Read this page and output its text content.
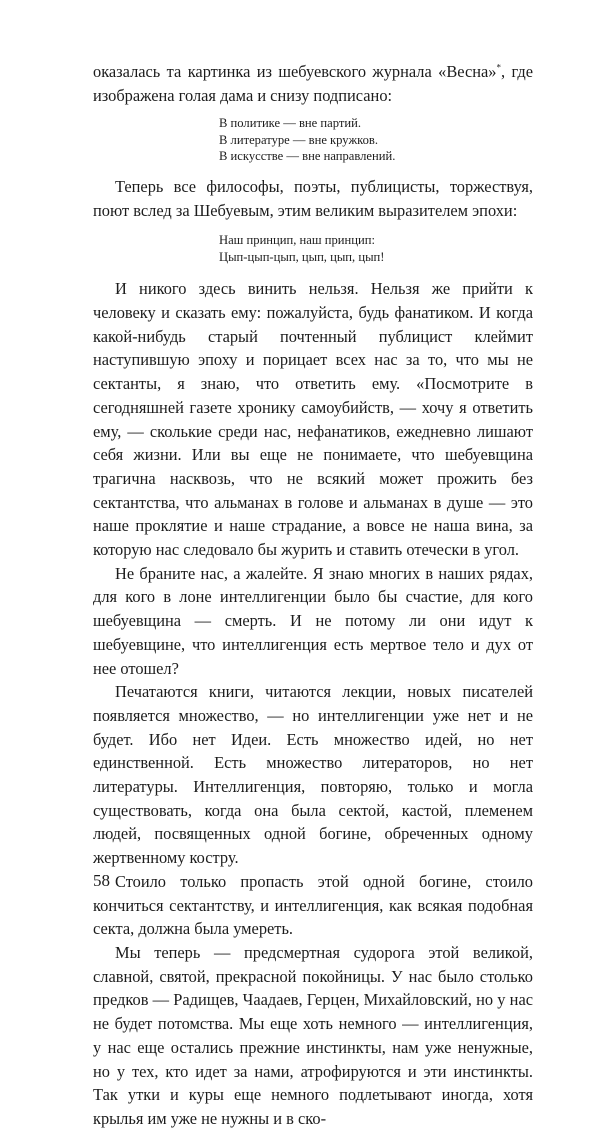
оказалась та картинка из шебуевского журнала «Весна»*, где изображена голая дама и снизу подписано:

В политике — вне партий.
В литературе — вне кружков.
В искусстве — вне направлений.

Теперь все философы, поэты, публицисты, торжествуя, поют вслед за Шебуевым, этим великим выразителем эпохи:

Наш принцип, наш принцип:
Цып-цып-цып, цып, цып, цып!

И никого здесь винить нельзя. Нельзя же прийти к человеку и сказать ему: пожалуйста, будь фанатиком. И когда какой-нибудь старый почтенный публицист клеймит наступившую эпоху и порицает всех нас за то, что мы не сектанты, я знаю, что ответить ему. «Посмотрите в сегодняшней газете хронику самоубийств, — хочу я ответить ему, — сколькие среди нас, нефанатиков, ежедневно лишают себя жизни. Или вы еще не понимаете, что шебуевщина трагична насквозь, что не всякий может прожить без сектантства, что альманах в голове и альманах в душе — это наше проклятие и наше страдание, а вовсе не наша вина, за которую нас следовало бы журить и ставить отечески в угол.

Не браните нас, а жалейте. Я знаю многих в наших рядах, для кого в лоне интеллигенции было бы счастие, для кого шебуевщина — смерть. И не потому ли они идут к шебуевщине, что интеллигенция есть мертвое тело и дух от нее отошел?

Печатаются книги, читаются лекции, новых писателей появляется множество, — но интеллигенции уже нет и не будет. Ибо нет Идеи. Есть множество идей, но нет единственной. Есть множество литераторов, но нет литературы. Интеллигенция, повторяю, только и могла существовать, когда она была сектой, кастой, племенем людей, посвященных одной богине, обреченных одному жертвенному костру.

Стоило только пропасть этой одной богине, стоило кончиться сектантству, и интеллигенция, как всякая подобная секта, должна была умереть.

Мы теперь — предсмертная судорога этой великой, славной, святой, прекрасной покойницы. У нас было столько предков — Радищев, Чаадаев, Герцен, Михайловский, но у нас не будет потомства. Мы еще хоть немного — интеллигенция, у нас еще остались прежние инстинкты, нам уже ненужные, но у тех, кто идет за нами, атрофируются и эти инстинкты. Так утки и куры еще немного подлетывают иногда, хотя крылья им уже не нужны и в ско-

58
